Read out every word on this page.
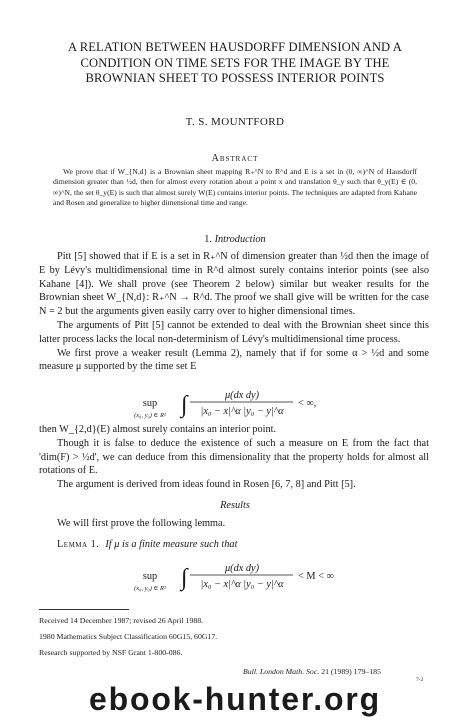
A RELATION BETWEEN HAUSDORFF DIMENSION AND A
CONDITION ON TIME SETS FOR THE IMAGE BY THE
BROWNIAN SHEET TO POSSESS INTERIOR POINTS
T. S. MOUNTFORD
Abstract

We prove that if W_{N,d} is a Brownian sheet mapping R₊^N to R^d and E is a set in (0, ∞)^N of Hausdorff dimension greater than ½d, then for almost every rotation about a point x and translation θ_y such that θ_y(E) ∈ (0, ∞)^N, the set θ_y(E) is such that almost surely W(E) contains interior points. The techniques are adapted from Kahane and Rosen and generalize to higher dimensional time and range.

1. Introduction

Pitt [5] showed that if E is a set in R₊^N of dimension greater than ½d then the image of E by Lévy's multidimensional time in R^d almost surely contains interior points (see also Kahane [4]). We shall prove (see Theorem 2 below) similar but weaker results for the Brownian sheet W_{N,d}: R₊^N → R^d. The proof we shall give will be written for the case N = 2 but the arguments given easily carry over to higher dimensional times.

The arguments of Pitt [5] cannot be extended to deal with the Brownian sheet since this latter process lacks the local non-determinism of Lévy's multidimensional time process.

We first prove a weaker result (Lemma 2), namely that if for some α > ½d and some measure μ supported by the time set E

sup
(x₀, y₀) ∈ R² ∫	μ(dx dy)
|x₀ − x|^α |y₀ − y|^α
< ∞,

then W_{2,d}(E) almost surely contains an interior point.

Though it is false to deduce the existence of such a measure on E from the fact that 'dim(F) > ½d', we can deduce from this dimensionality that the property holds for almost all rotations of E.

The argument is derived from ideas found in Rosen [6, 7, 8] and Pitt [5].

Results

We will first prove the following lemma.

Lemma 1. If μ is a finite measure such that
sup
(x₀, y₀) ∈ R² ∫	μ(dx dy)
|x₀ − x|^α |y₀ − y|^α
< M < ∞
Received 14 December 1987; revised 26 April 1988.
1980 Mathematics Subject Classification 60G15, 60G17.
Research supported by NSF Grant 1-800-086.
Bull. London Math. Soc. 21 (1989) 179–185
7-2
ebook-hunter.org
